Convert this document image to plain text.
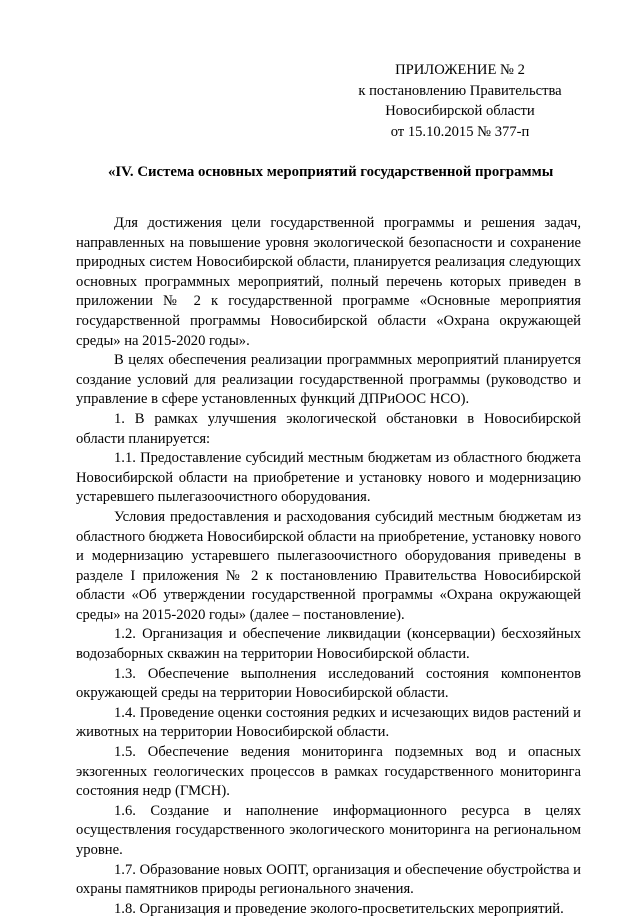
ПРИЛОЖЕНИЕ № 2
к постановлению Правительства
Новосибирской области
от 15.10.2015 № 377-п
«IV. Система основных мероприятий государственной программы

Для достижения цели государственной программы и решения задач, направленных на повышение уровня экологической безопасности и сохранение природных систем Новосибирской области, планируется реализация следующих основных программных мероприятий, полный перечень которых приведен в приложении № 2 к государственной программе «Основные мероприятия государственной программы Новосибирской области «Охрана окружающей среды» на 2015-2020 годы».

В целях обеспечения реализации программных мероприятий планируется создание условий для реализации государственной программы (руководство и управление в сфере установленных функций ДПРиООС НСО).

1. В рамках улучшения экологической обстановки в Новосибирской области планируется:

1.1. Предоставление субсидий местным бюджетам из областного бюджета Новосибирской области на приобретение и установку нового и модернизацию устаревшего пылегазоочистного оборудования.

Условия предоставления и расходования субсидий местным бюджетам из областного бюджета Новосибирской области на приобретение, установку нового и модернизацию устаревшего пылегазоочистного оборудования приведены в разделе I приложения № 2 к постановлению Правительства Новосибирской области «Об утверждении государственной программы «Охрана окружающей среды» на 2015-2020 годы» (далее – постановление).

1.2. Организация и обеспечение ликвидации (консервации) бесхозяйных водозаборных скважин на территории Новосибирской области.

1.3. Обеспечение выполнения исследований состояния компонентов окружающей среды на территории Новосибирской области.

1.4. Проведение оценки состояния редких и исчезающих видов растений и животных на территории Новосибирской области.

1.5. Обеспечение ведения мониторинга подземных вод и опасных экзогенных геологических процессов в рамках государственного мониторинга состояния недр (ГМСН).

1.6. Создание и наполнение информационного ресурса в целях осуществления государственного экологического мониторинга на региональном уровне.

1.7. Образование новых ООПТ, организация и обеспечение обустройства и охраны памятников природы регионального значения.

1.8. Организация и проведение эколого-просветительских мероприятий.
